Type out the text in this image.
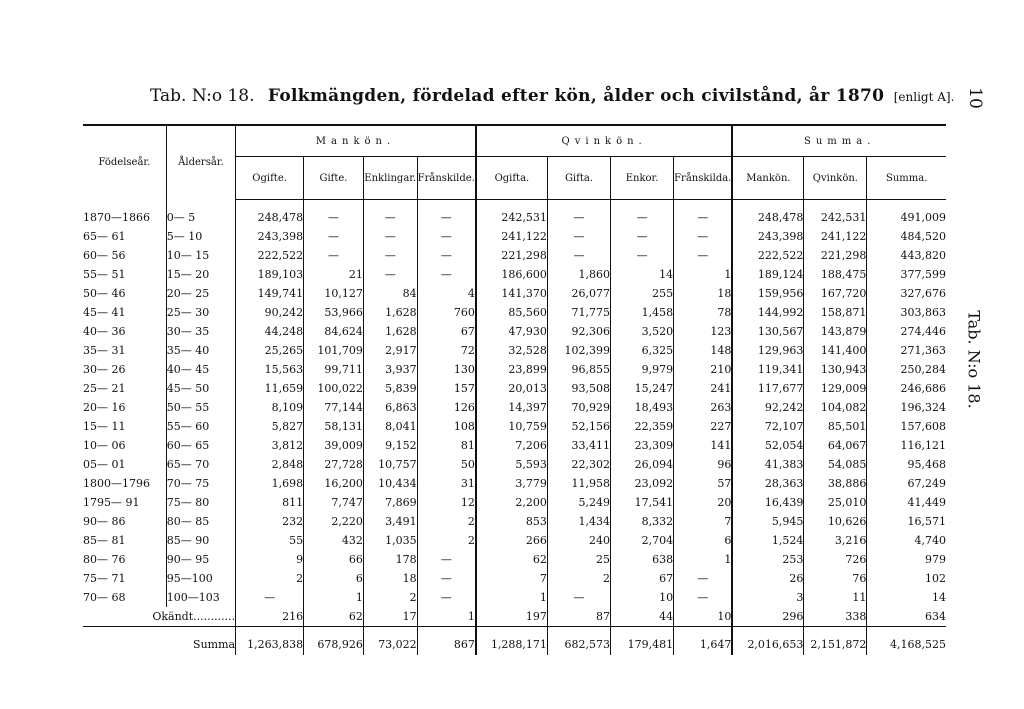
Tab. N:o 18. Folkmängden, fördelad efter kön, ålder och civilstånd, år 1870 [enligt A]. 10
Tab. N:o 18.
Födelseår.	Åldersår.	Mankön.				Qvinkön.				Summa.		
		Ogifte.	Gifte.	Enklingar.	Frånskilde.	Ogifta.	Gifta.	Enkor.	Frånskilda.	Mankön.	Qvinkön.	Summa.
1870—1866	0— 5	248,478	—	—	—	242,531	—	—	—	248,478	242,531	491,009
65— 61	5— 10	243,398	—	—	—	241,122	—	—	—	243,398	241,122	484,520
60— 56	10— 15	222,522	—	—	—	221,298	—	—	—	222,522	221,298	443,820
55— 51	15— 20	189,103	21	—	—	186,600	1,860	14	1	189,124	188,475	377,599
50— 46	20— 25	149,741	10,127	84	4	141,370	26,077	255	18	159,956	167,720	327,676
45— 41	25— 30	90,242	53,966	1,628	760	85,560	71,775	1,458	78	144,992	158,871	303,863
40— 36	30— 35	44,248	84,624	1,628	67	47,930	92,306	3,520	123	130,567	143,879	274,446
35— 31	35— 40	25,265	101,709	2,917	72	32,528	102,399	6,325	148	129,963	141,400	271,363
30— 26	40— 45	15,563	99,711	3,937	130	23,899	96,855	9,979	210	119,341	130,943	250,284
25— 21	45— 50	11,659	100,022	5,839	157	20,013	93,508	15,247	241	117,677	129,009	246,686
20— 16	50— 55	8,109	77,144	6,863	126	14,397	70,929	18,493	263	92,242	104,082	196,324
15— 11	55— 60	5,827	58,131	8,041	108	10,759	52,156	22,359	227	72,107	85,501	157,608
10— 06	60— 65	3,812	39,009	9,152	81	7,206	33,411	23,309	141	52,054	64,067	116,121
05— 01	65— 70	2,848	27,728	10,757	50	5,593	22,302	26,094	96	41,383	54,085	95,468
1800—1796	70— 75	1,698	16,200	10,434	31	3,779	11,958	23,092	57	28,363	38,886	67,249
1795— 91	75— 80	811	7,747	7,869	12	2,200	5,249	17,541	20	16,439	25,010	41,449
90— 86	80— 85	232	2,220	3,491	2	853	1,434	8,332	7	5,945	10,626	16,571
85— 81	85— 90	55	432	1,035	2	266	240	2,704	6	1,524	3,216	4,740
80— 76	90— 95	9	66	178	—	62	25	638	1	253	726	979
75— 71	95—100	2	6	18	—	7	2	67	—	26	76	102
70— 68	100—103	—	1	2	—	1	—	10	—	3	11	14
Okändt............		216	62	17	1	197	87	44	10	296	338	634
Summa		1,263,838	678,926	73,022	867	1,288,171	682,573	179,481	1,647	2,016,653	2,151,872	4,168,525
